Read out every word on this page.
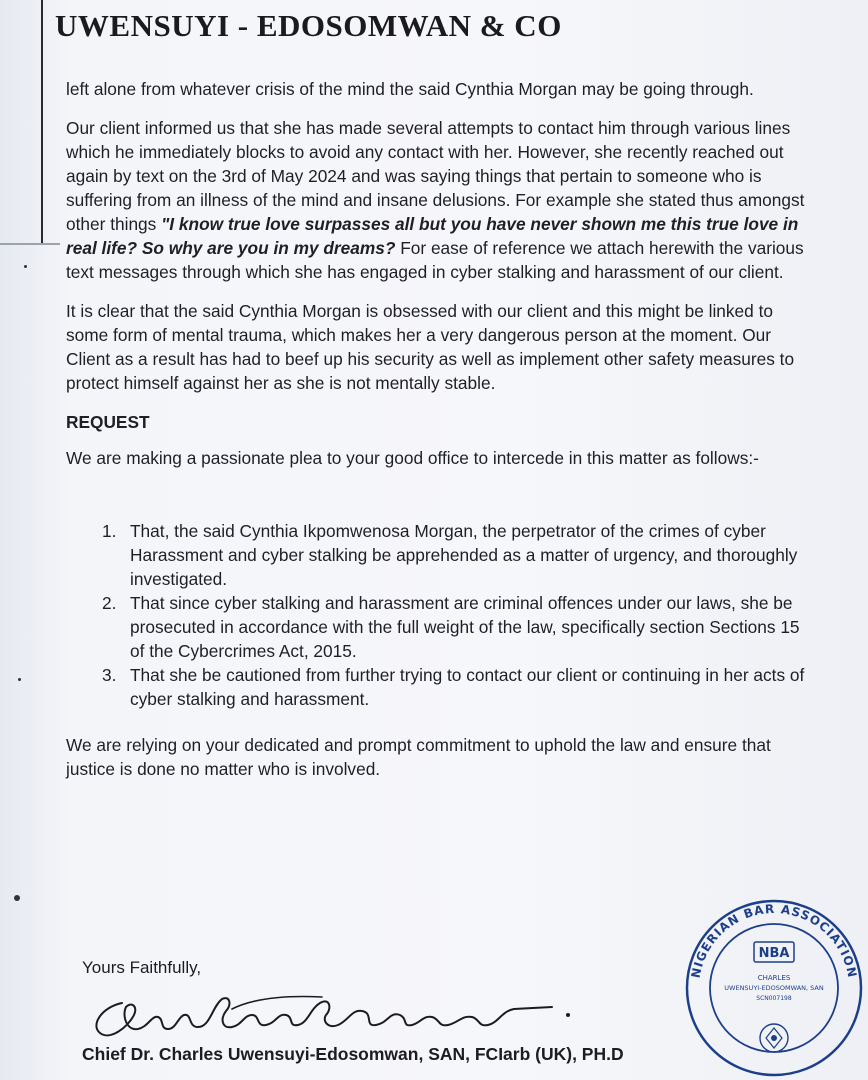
UWENSUYI - EDOSOMWAN & CO

left alone from whatever crisis of the mind the said Cynthia Morgan may be going through.

Our client informed us that she has made several attempts to contact him through various lines which he immediately blocks to avoid any contact with her. However, she recently reached out again by text on the 3rd of May 2024 and was saying things that pertain to someone who is suffering from an illness of the mind and insane delusions. For example she stated thus amongst other things "I know true love surpasses all but you have never shown me this true love in real life? So why are you in my dreams? For ease of reference we attach herewith the various text messages through which she has engaged in cyber stalking and harassment of our client.

It is clear that the said Cynthia Morgan is obsessed with our client and this might be linked to some form of mental trauma, which makes her a very dangerous person at the moment. Our Client as a result has had to beef up his security as well as implement other safety measures to protect himself against her as she is not mentally stable.

REQUEST

We are making a passionate plea to your good office to intercede in this matter as follows:-

1. That, the said Cynthia Ikpomwenosa Morgan, the perpetrator of the crimes of cyber Harassment and cyber stalking be apprehended as a matter of urgency, and thoroughly investigated.
2. That since cyber stalking and harassment are criminal offences under our laws, she be prosecuted in accordance with the full weight of the law, specifically section Sections 15 of the Cybercrimes Act, 2015.
3. That she be cautioned from further trying to contact our client or continuing in her acts of cyber stalking and harassment.

We are relying on your dedicated and prompt commitment to uphold the law and ensure that justice is done no matter who is involved.

Yours Faithfully,
Chief Dr. Charles Uwensuyi-Edosomwan, SAN, FCIarb (UK), PH.D
NIGERIAN BAR ASSOCIATION
NBA
CHARLES
UWENSUYI-EDOSOMWAN, SAN
SCN007198
